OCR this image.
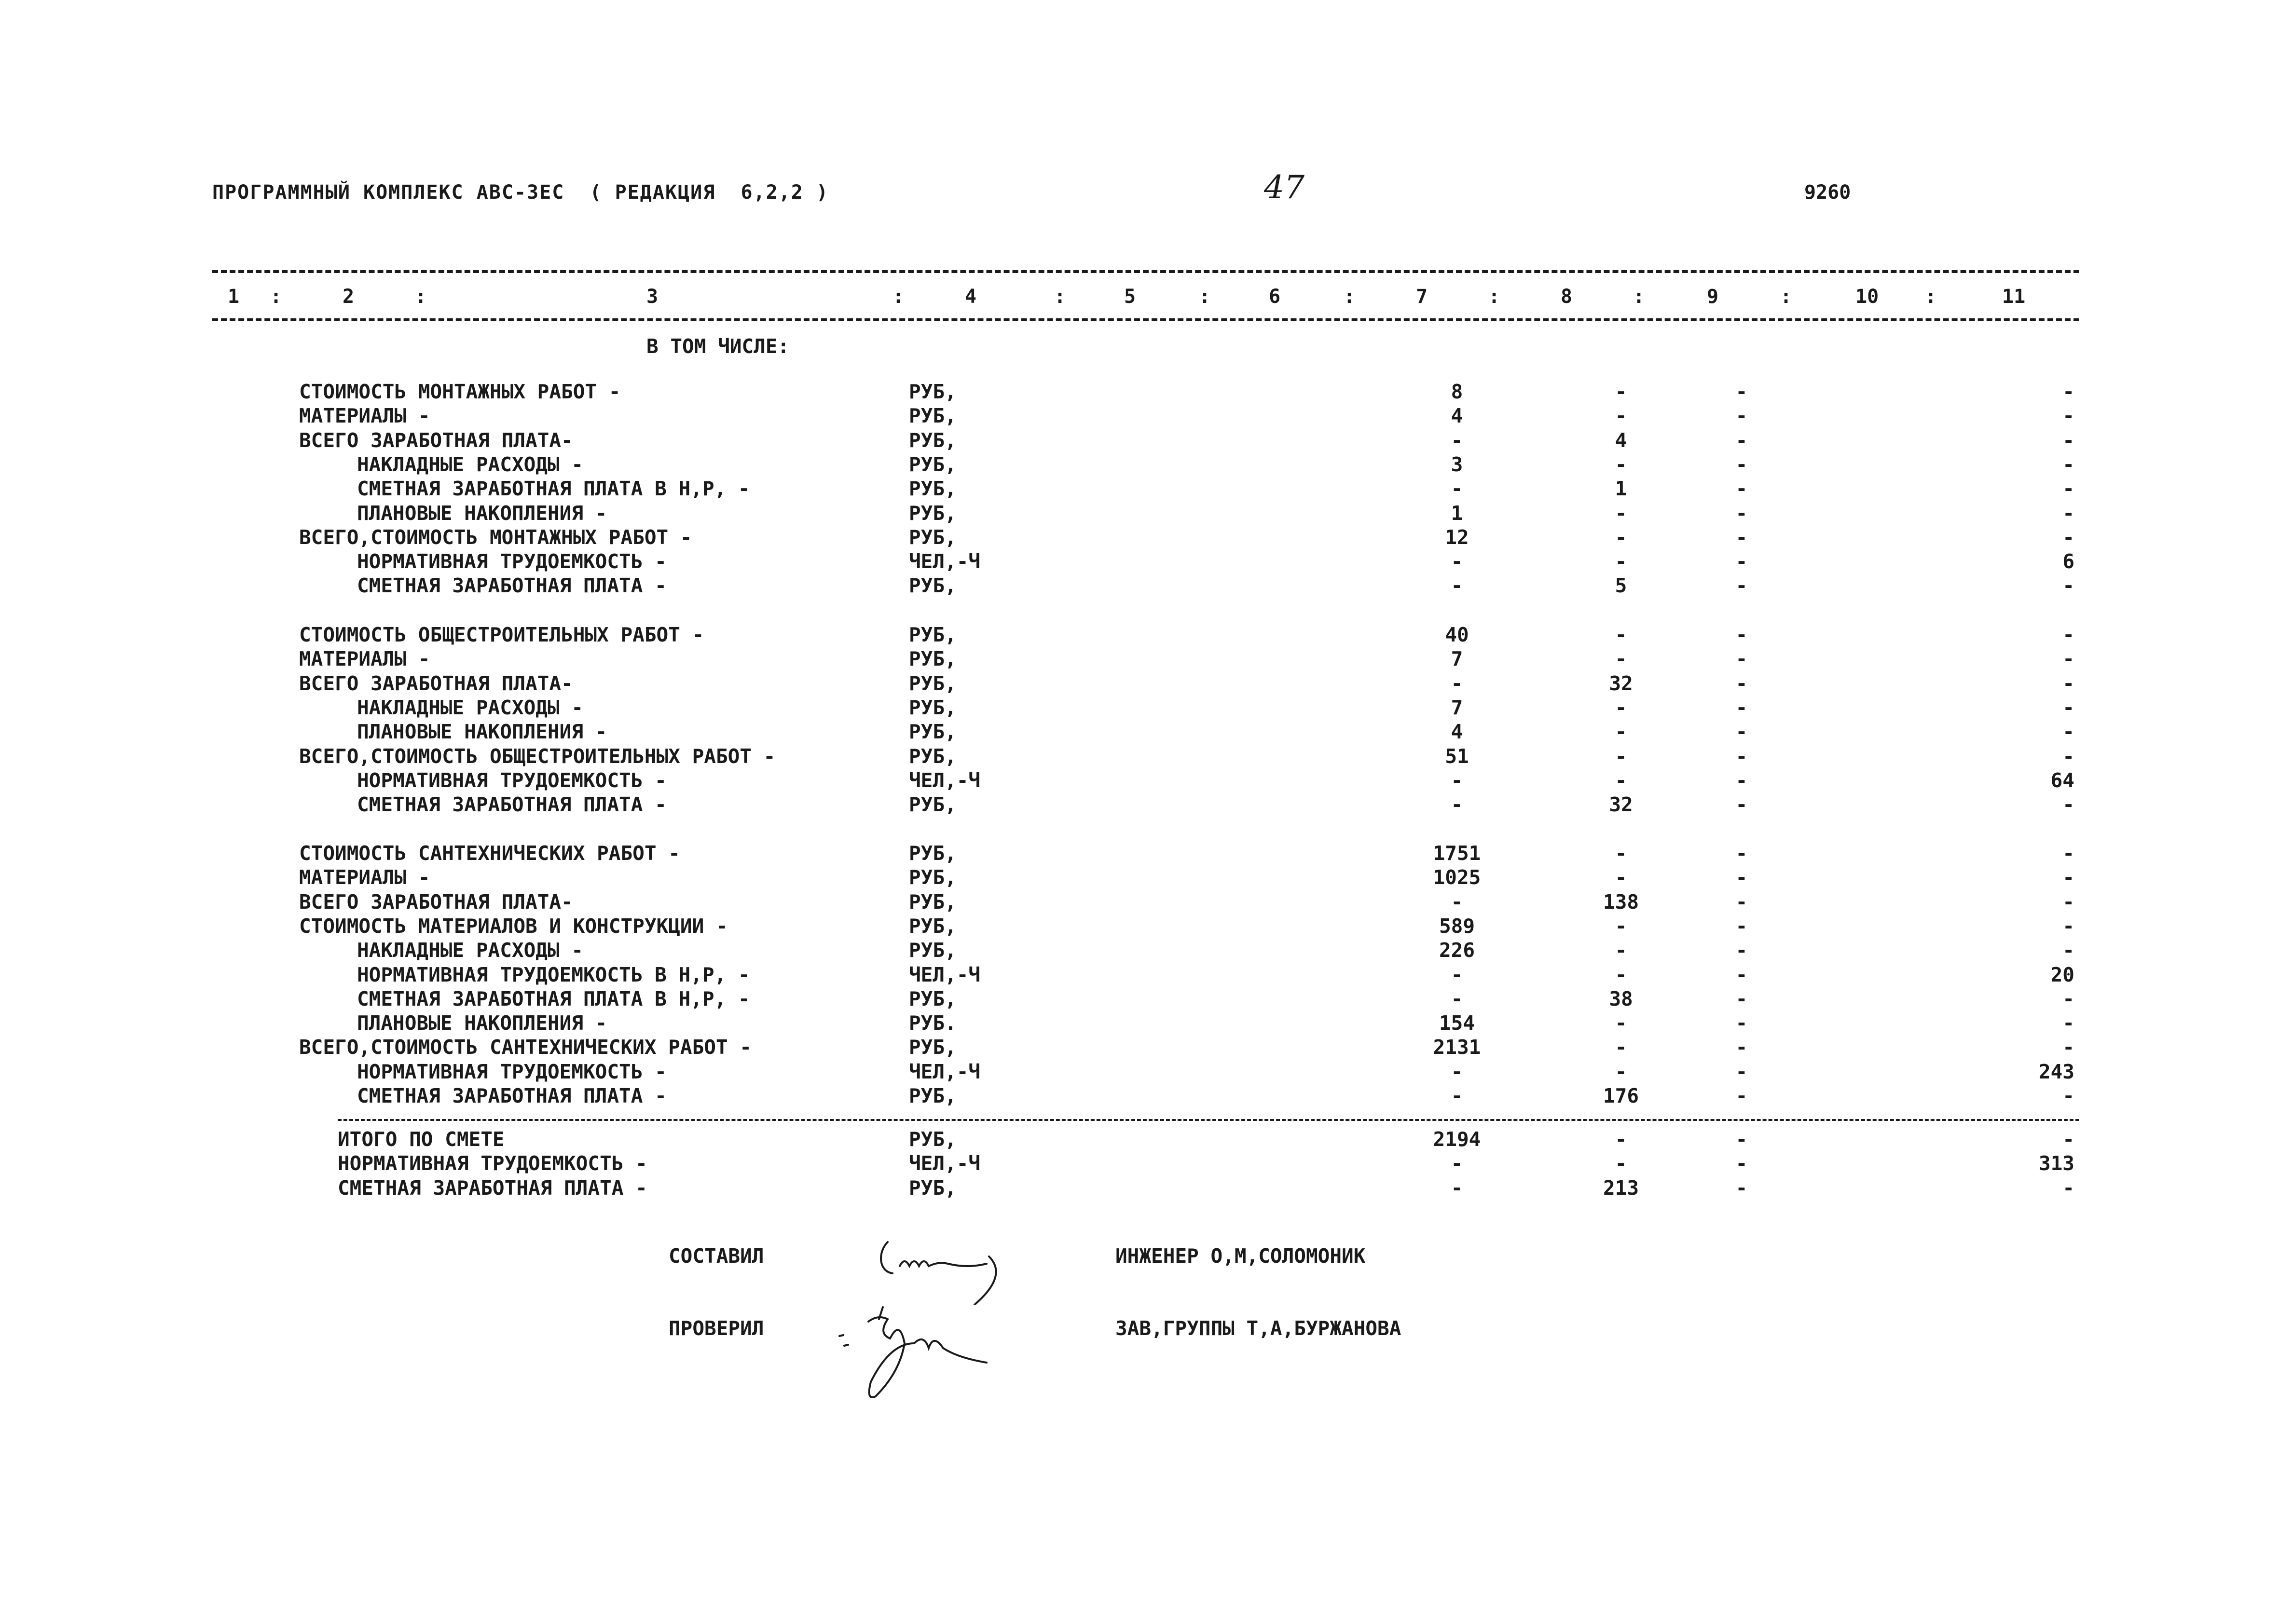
ПРОГРАММНЫЙ КОМПЛЕКС АВС-3ЕС  ( РЕДАКЦИЯ  6,2,2 )	47	9260
1	2	3	4	5	6	7	8	9	10	11
:	:	:	:	:	:	:	:	:	:
В ТОМ ЧИСЛЕ:
СТОИМОСТЬ МОНТАЖНЫХ РАБОТ -	РУБ,	8	-	-	-
МАТЕРИАЛЫ -	РУБ,	4	-	-	-
ВСЕГО ЗАРАБОТНАЯ ПЛАТА-	РУБ,	-	4	-	-
НАКЛАДНЫЕ РАСХОДЫ -	РУБ,	3	-	-	-
СМЕТНАЯ ЗАРАБОТНАЯ ПЛАТА В Н,Р, -	РУБ,	-	1	-	-
ПЛАНОВЫЕ НАКОПЛЕНИЯ -	РУБ,	1	-	-	-
ВСЕГО,СТОИМОСТЬ МОНТАЖНЫХ РАБОТ -	РУБ,	12	-	-	-
НОРМАТИВНАЯ ТРУДОЕМКОСТЬ -	ЧЕЛ,-Ч	-	-	-	6
СМЕТНАЯ ЗАРАБОТНАЯ ПЛАТА -	РУБ,	-	5	-	-
СТОИМОСТЬ ОБЩЕСТРОИТЕЛЬНЫХ РАБОТ -	РУБ,	40	-	-	-
МАТЕРИАЛЫ -	РУБ,	7	-	-	-
ВСЕГО ЗАРАБОТНАЯ ПЛАТА-	РУБ,	-	32	-	-
НАКЛАДНЫЕ РАСХОДЫ -	РУБ,	7	-	-	-
ПЛАНОВЫЕ НАКОПЛЕНИЯ -	РУБ,	4	-	-	-
ВСЕГО,СТОИМОСТЬ ОБЩЕСТРОИТЕЛЬНЫХ РАБОТ -	РУБ,	51	-	-	-
НОРМАТИВНАЯ ТРУДОЕМКОСТЬ -	ЧЕЛ,-Ч	-	-	-	64
СМЕТНАЯ ЗАРАБОТНАЯ ПЛАТА -	РУБ,	-	32	-	-
СТОИМОСТЬ САНТЕХНИЧЕСКИХ РАБОТ -	РУБ,	1751	-	-	-
МАТЕРИАЛЫ -	РУБ,	1025	-	-	-
ВСЕГО ЗАРАБОТНАЯ ПЛАТА-	РУБ,	-	138	-	-
СТОИМОСТЬ МАТЕРИАЛОВ И КОНСТРУКЦИИ -	РУБ,	589	-	-	-
НАКЛАДНЫЕ РАСХОДЫ -	РУБ,	226	-	-	-
НОРМАТИВНАЯ ТРУДОЕМКОСТЬ В Н,Р, -	ЧЕЛ,-Ч	-	-	-	20
СМЕТНАЯ ЗАРАБОТНАЯ ПЛАТА В Н,Р, -	РУБ,	-	38	-	-
ПЛАНОВЫЕ НАКОПЛЕНИЯ -	РУБ.	154	-	-	-
ВСЕГО,СТОИМОСТЬ САНТЕХНИЧЕСКИХ РАБОТ -	РУБ,	2131	-	-	-
НОРМАТИВНАЯ ТРУДОЕМКОСТЬ -	ЧЕЛ,-Ч	-	-	-	243
СМЕТНАЯ ЗАРАБОТНАЯ ПЛАТА -	РУБ,	-	176	-	-
ИТОГО ПО СМЕТЕ	РУБ,	2194	-	-	-
НОРМАТИВНАЯ ТРУДОЕМКОСТЬ -	ЧЕЛ,-Ч	-	-	-	313
СМЕТНАЯ ЗАРАБОТНАЯ ПЛАТА -	РУБ,	-	213	-	-
СОСТАВИЛ	ИНЖЕНЕР О,М,СОЛОМОНИК
ПРОВЕРИЛ	ЗАВ,ГРУППЫ Т,А,БУРЖАНОВА
